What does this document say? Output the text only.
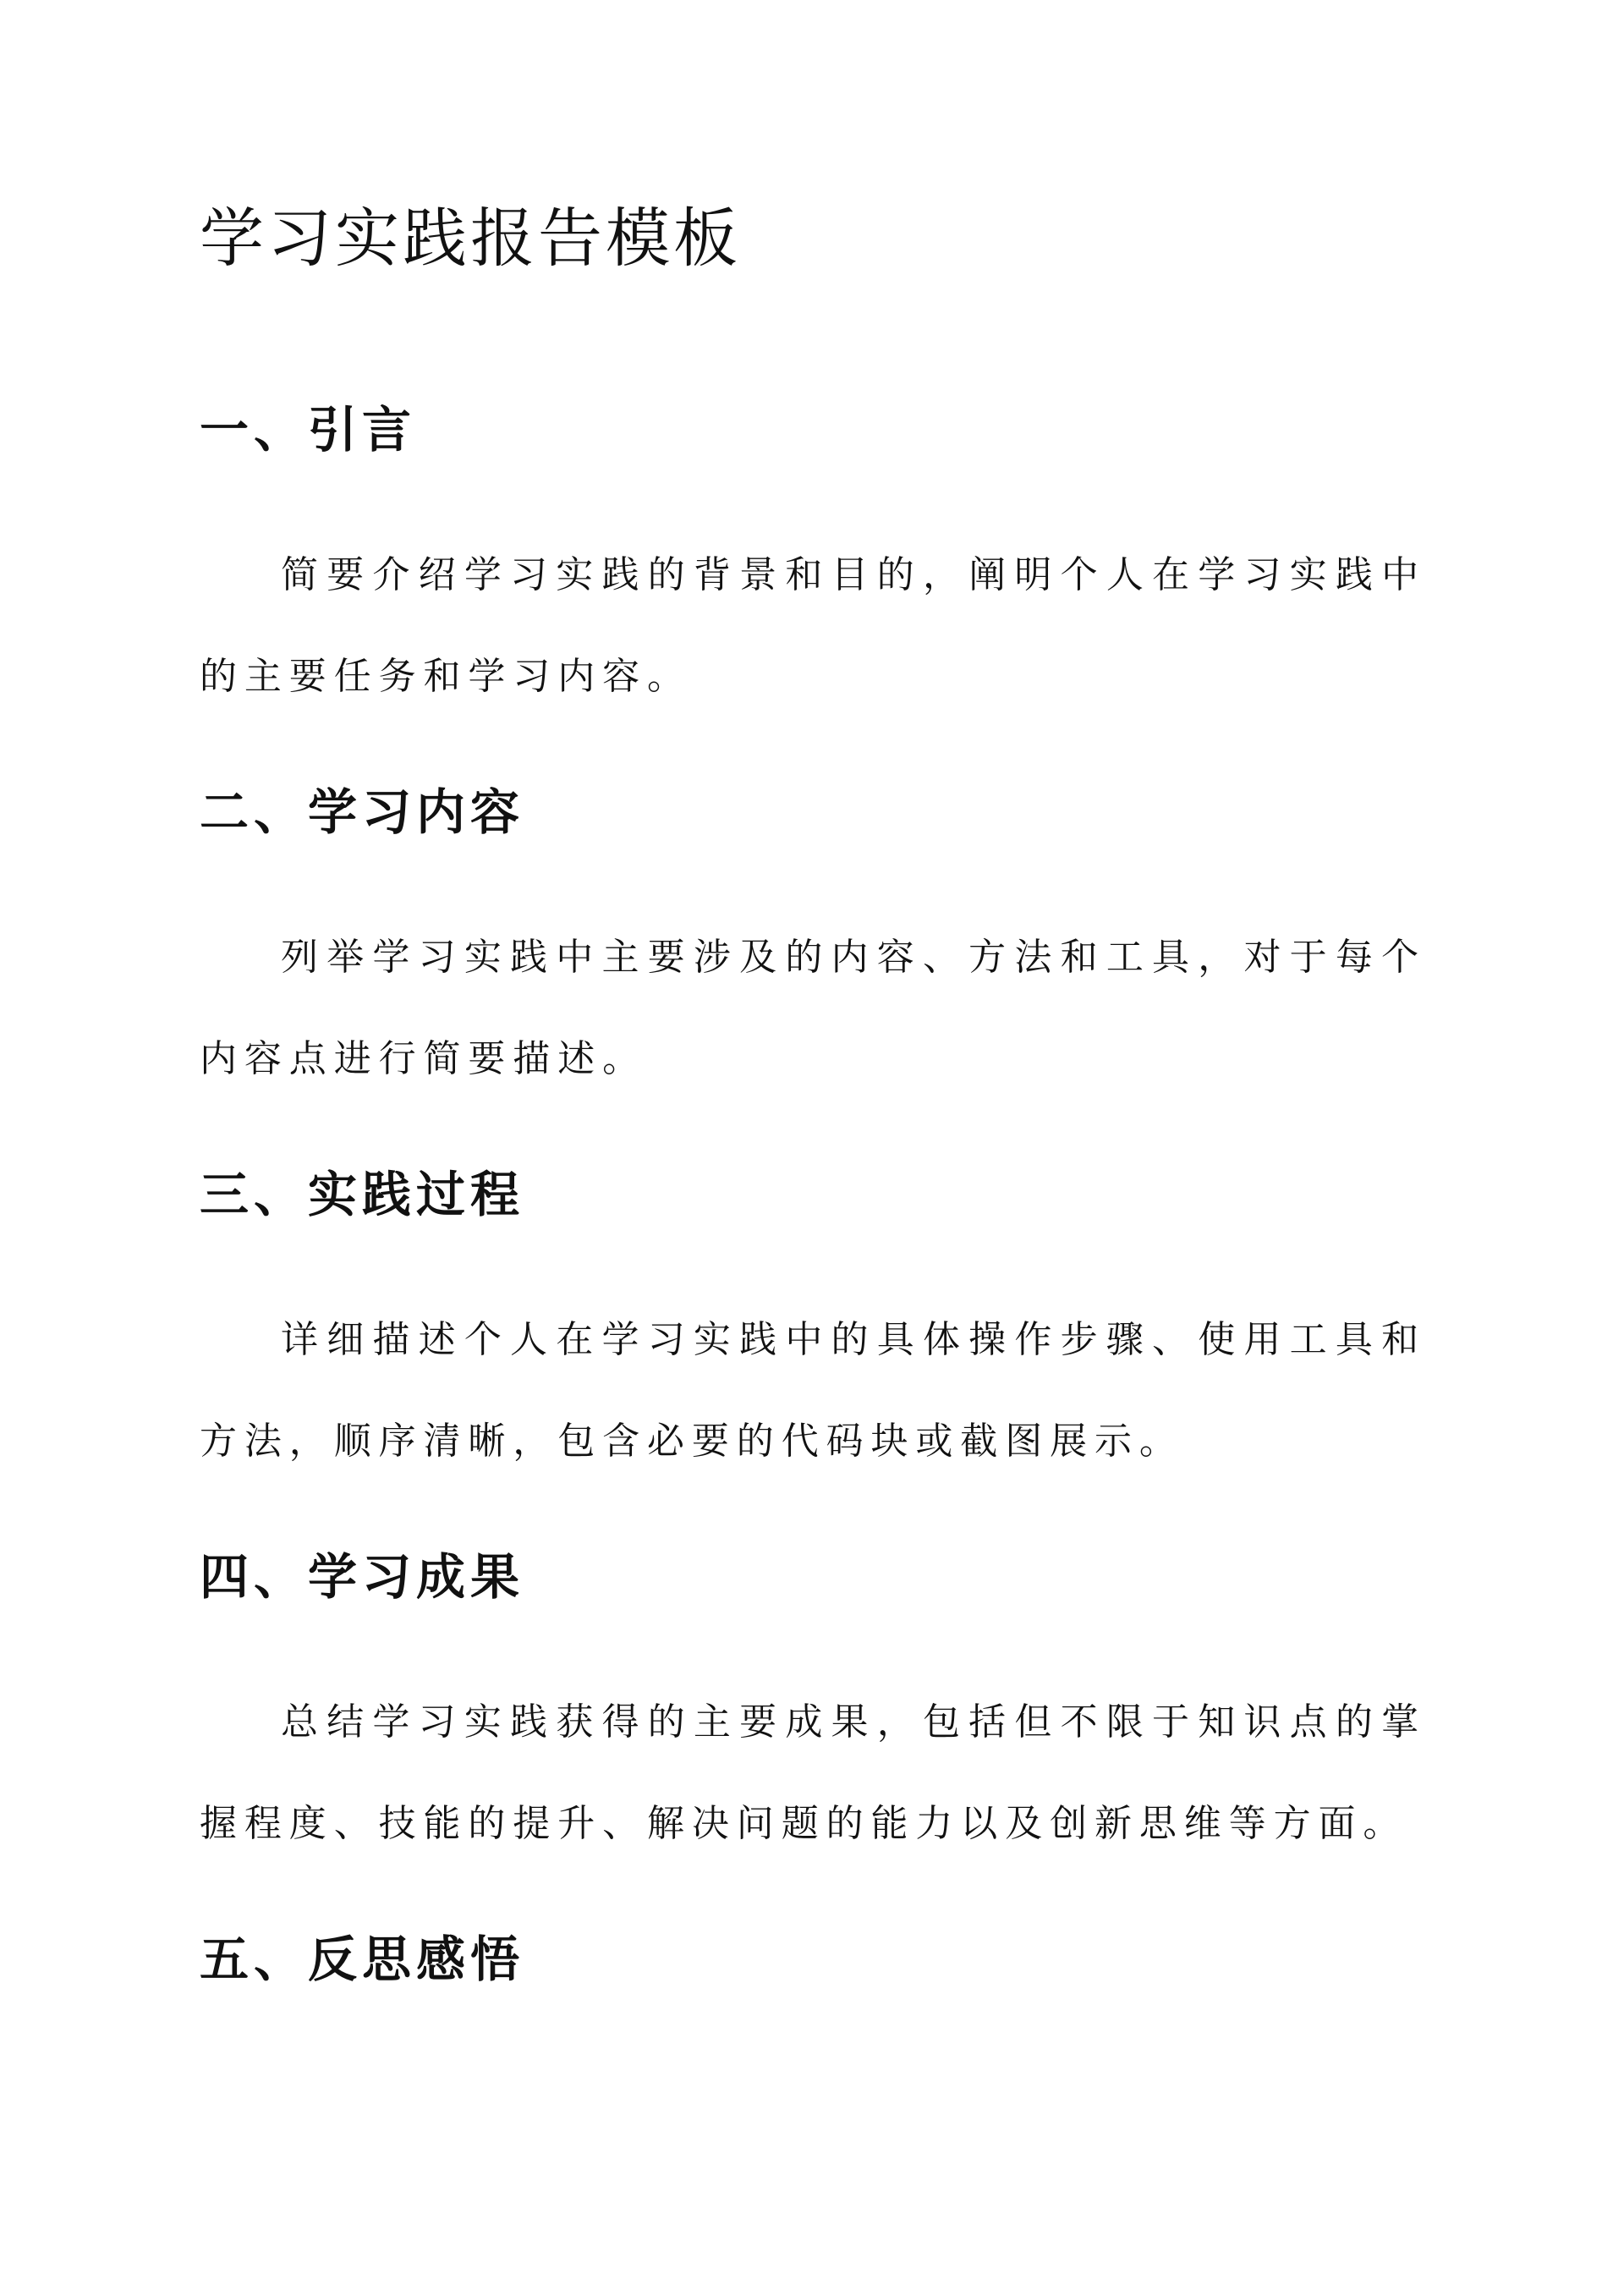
学习实践报告模板
一、引言

简要介绍学习实践的背景和目的，阐明个人在学习实践中的主要任务和学习内容。

二、学习内容

列举学习实践中主要涉及的内容、方法和工具，对于每个内容点进行简要描述。

三、实践过程

详细描述个人在学习实践中的具体操作步骤、使用工具和方法，顺序清晰，包含必要的代码块或截图展示。

四、学习成果

总结学习实践获得的主要成果，包括但不限于知识点的掌握程度、技能的提升、解决问题的能力以及创新思维等方面。

五、反思感悟
